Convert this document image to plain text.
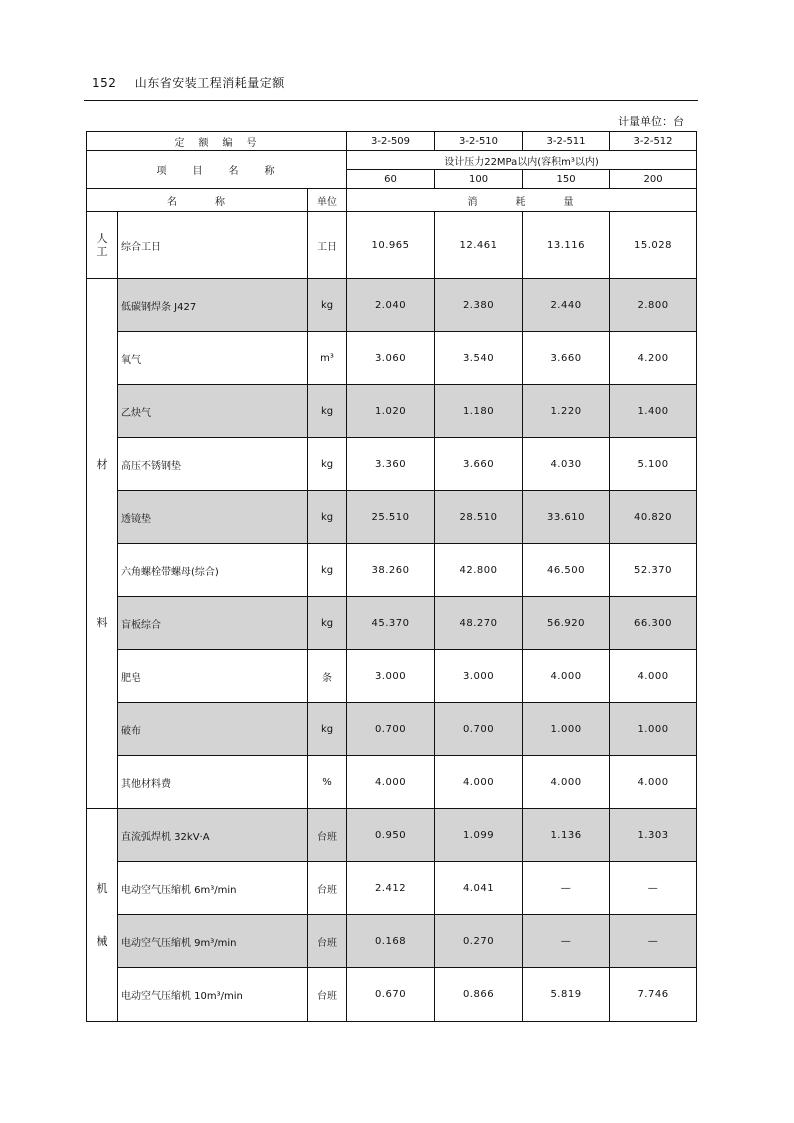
152 山东省安装工程消耗量定额
计量单位：台
定　额　编　号			3-2-509	3-2-510	3-2-511	3-2-512
项　　目　　名　　称			设计压力22MPa以内(容积m³以内)			
			60	100	150	200
名　　　称		单位	消　　　耗　　　量			
人
工	综合工日	工日	10.965	12.461	13.116	15.028
材

料	低碳钢焊条 J427	kg	2.040	2.380	2.440	2.800
	氧气	m³	3.060	3.540	3.660	4.200
	乙炔气	kg	1.020	1.180	1.220	1.400
	高压不锈钢垫	kg	3.360	3.660	4.030	5.100
	透镜垫	kg	25.510	28.510	33.610	40.820
	六角螺栓带螺母(综合)	kg	38.260	42.800	46.500	52.370
	盲板综合	kg	45.370	48.270	56.920	66.300
	肥皂	条	3.000	3.000	4.000	4.000
	破布	kg	0.700	0.700	1.000	1.000
	其他材料费	%	4.000	4.000	4.000	4.000
机

械	直流弧焊机 32kV·A	台班	0.950	1.099	1.136	1.303
	电动空气压缩机 6m³/min	台班	2.412	4.041	—	—
	电动空气压缩机 9m³/min	台班	0.168	0.270	—	—
	电动空气压缩机 10m³/min	台班	0.670	0.866	5.819	7.746
